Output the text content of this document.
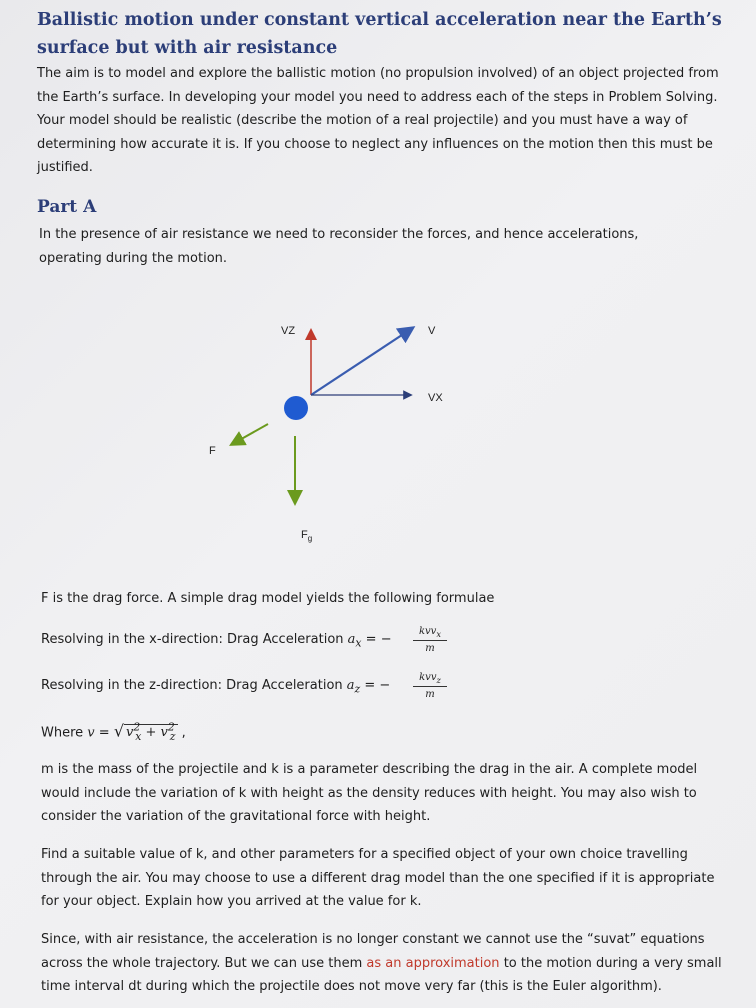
Ballistic motion under constant vertical acceleration near the Earth’s surface but with air resistance

The aim is to model and explore the ballistic motion (no propulsion involved) of an object projected from the Earth’s surface. In developing your model you need to address each of the steps in Problem Solving. Your model should be realistic (describe the motion of a real projectile) and you must have a way of determining how accurate it is. If you choose to neglect any influences on the motion then this must be justified.

Part A

In the presence of air resistance we need to reconsider the forces, and hence accelerations, operating during the motion.

VZ	V
VX
F
$F_g$

F is the drag force. A simple drag model yields the following formulae

Resolving in the x-direction: Drag Acceleration $a_x$ = −
kvv$_x$
m
Resolving in the z-direction: Drag Acceleration $a_z$ = −
kvv$_z$
m
Where v = √ $v^2_x + v^2_z$ ,

m is the mass of the projectile and k is a parameter describing the drag in the air. A complete model would include the variation of k with height as the density reduces with height. You may also wish to consider the variation of the gravitational force with height.

Find a suitable value of k, and other parameters for a specified object of your own choice travelling through the air. You may choose to use a different drag model than the one specified if it is appropriate for your object. Explain how you arrived at the value for k.

Since, with air resistance, the acceleration is no longer constant we cannot use the “suvat” equations across the whole trajectory. But we can use them as an approximation to the motion during a very small time interval dt during which the projectile does not move very far (this is the Euler algorithm).
